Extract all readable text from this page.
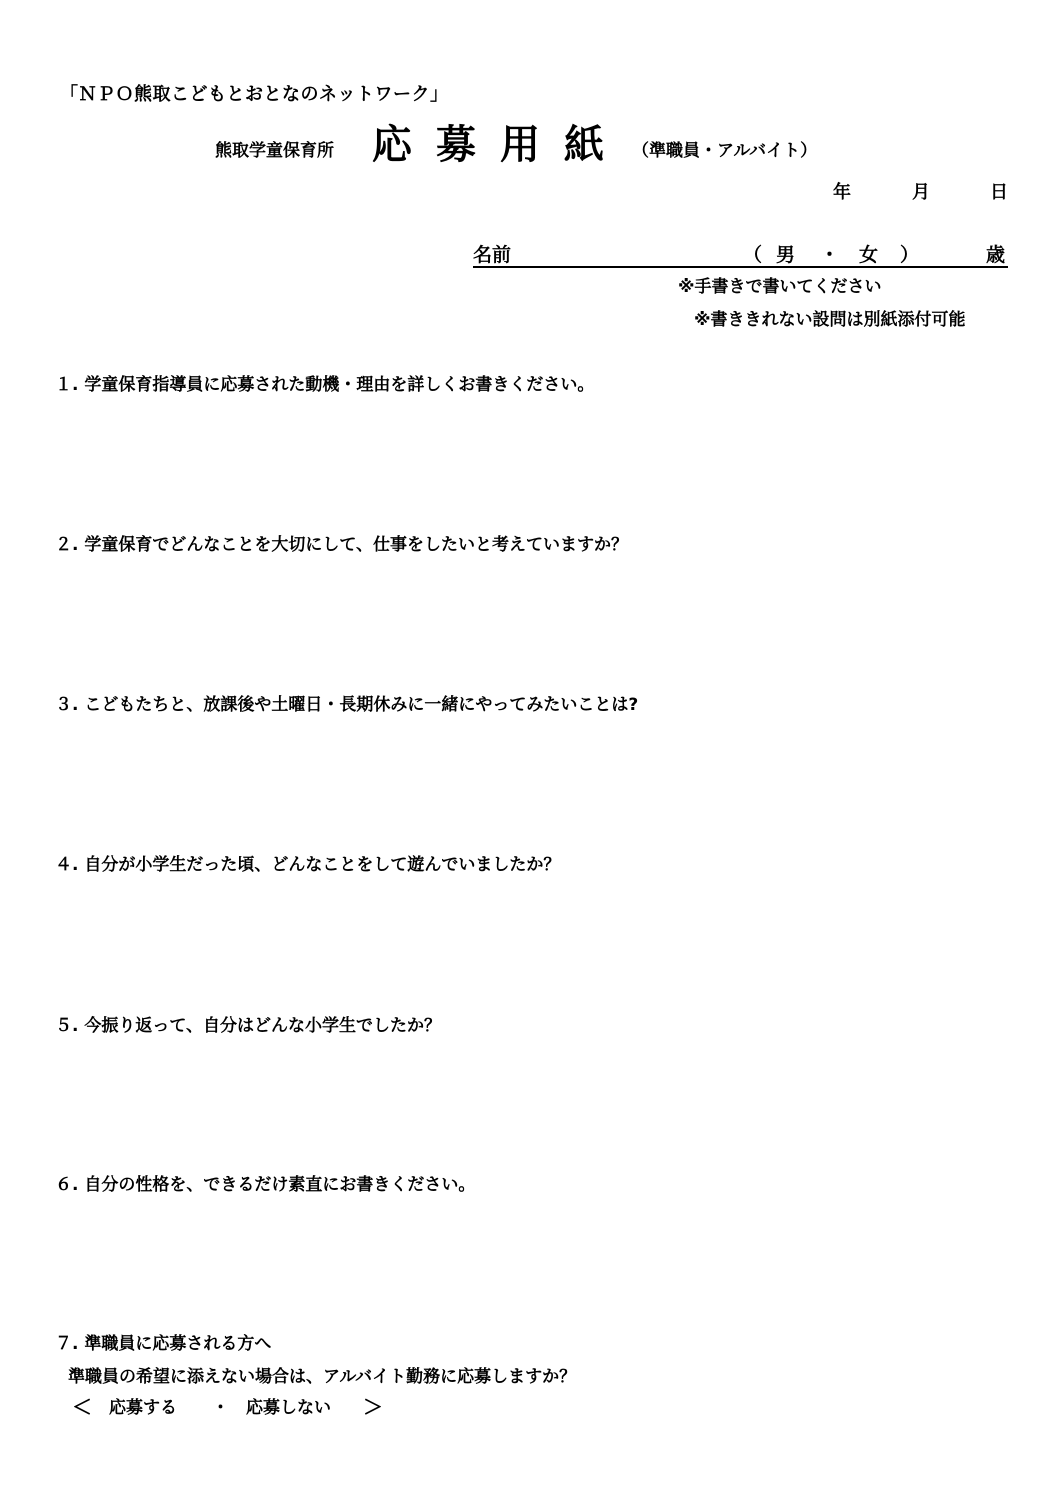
「ＮＰＯ熊取こどもとおとなのネットワーク」
熊取学童保育所 応募用紙 （準職員・アルバイト）
年	月	日
名前	（ 男 ・ 女 ）	歳
※手書きで書いてください
※書ききれない設問は別紙添付可能
１. 学童保育指導員に応募された動機・理由を詳しくお書きください。
２. 学童保育でどんなことを大切にして、仕事をしたいと考えていますか？
３. こどもたちと、放課後や土曜日・長期休みに一緒にやってみたいことは?
４. 自分が小学生だった頃、どんなことをして遊んでいましたか？
５. 今振り返って、自分はどんな小学生でしたか？
６. 自分の性格を、できるだけ素直にお書きください。
７. 準職員に応募される方へ
準職員の希望に添えない場合は、アルバイト勤務に応募しますか？
＜ 応募する ・ 応募しない ＞
